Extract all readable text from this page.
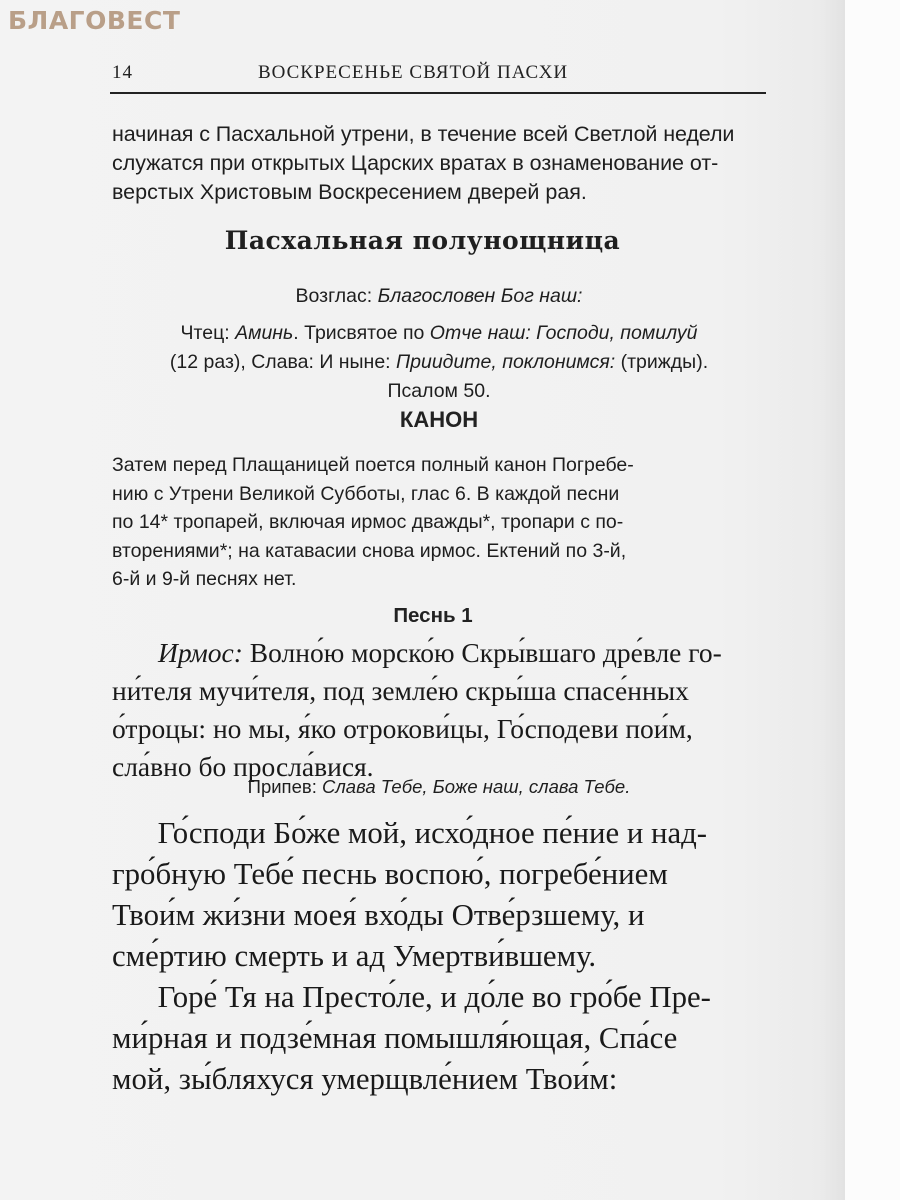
БЛАГОВЕСТ
14	ВОСКРЕСЕНЬЕ СВЯТОЙ ПАСХИ
начиная с Пасхальной утрени, в течение всей Светлой недели
служатся при открытых Царских вратах в ознаменование от-
верстых Христовым Воскресением дверей рая.
Пасхальная полунощница
Возглас: Благословен Бог наш:
Чтец: Аминь. Трисвятое по Отче наш: Господи, помилуй
(12 раз), Слава: И ныне: Приидите, поклонимся: (трижды).
Псалом 50.
КАНОН
Затем перед Плащаницей поется полный канон Погребе-
нию с Утрени Великой Субботы, глас 6. В каждой песни
по 14* тропарей, включая ирмос дважды*, тропари с по-
вторениями*; на катавасии снова ирмос. Ектений по 3-й,
6-й и 9-й песнях нет.
Песнь 1
Ирмос: Волно́ю морско́ю Скры́вшаго дре́вле го-
ни́теля мучи́теля, под земле́ю скры́ша спасе́нных
о́троцы: но мы, я́ко отрокови́цы, Го́сподеви пои́м,
сла́вно бо просла́вися.
Припев: Слава Тебе, Боже наш, слава Тебе.
Го́споди Бо́же мой, исхо́дное пе́ние и над- гро́бную Тебе́ песнь воспою́, погребе́нием Твои́м жи́зни моея́ вхо́ды Отве́рзшему, и сме́ртию смерть и ад Умертви́вшему.
Горе́ Тя на Престо́ле, и до́ле во гро́бе Пре- ми́рная и подзе́мная помышля́ющая, Спа́се мой, зы́бляхуся умерщвле́нием Твои́м:
